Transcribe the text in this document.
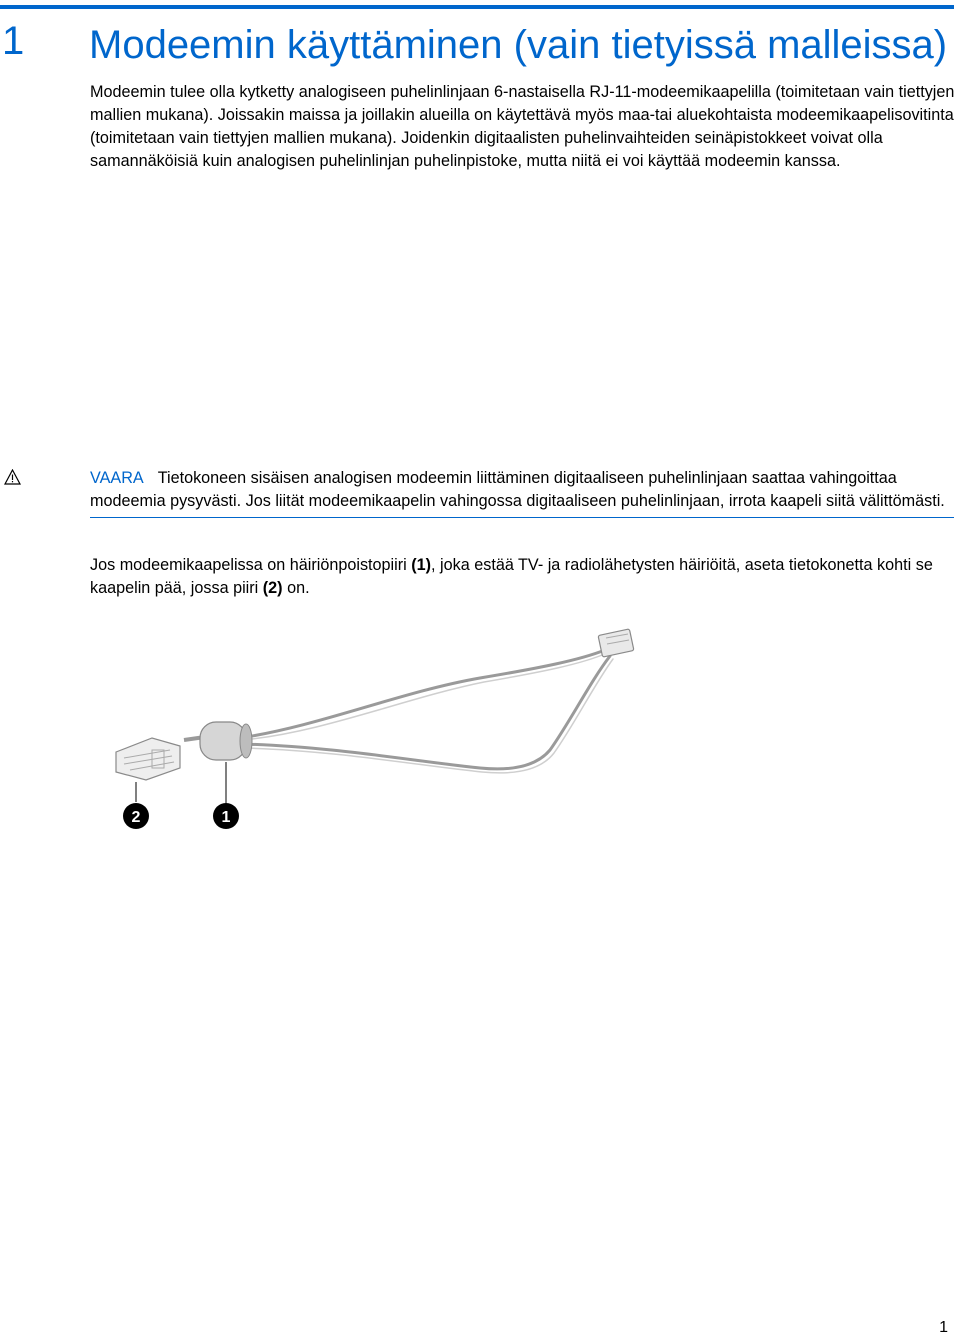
1 Modeemin käyttäminen (vain tietyissä malleissa)

Modeemin tulee olla kytketty analogiseen puhelinlinjaan 6-nastaisella RJ-11-modeemikaapelilla (toimitetaan vain tiettyjen mallien mukana). Joissakin maissa ja joillakin alueilla on käytettävä myös maa-tai aluekohtaista modeemikaapelisovitinta (toimitetaan vain tiettyjen mallien mukana). Joidenkin digitaalisten puhelinvaihteiden seinäpistokkeet voivat olla samannäköisiä kuin analogisen puhelinlinjan puhelinpistoke, mutta niitä ei voi käyttää modeemin kanssa.

VAARA Tietokoneen sisäisen analogisen modeemin liittäminen digitaaliseen puhelinlinjaan saattaa vahingoittaa modeemia pysyvästi. Jos liität modeemikaapelin vahingossa digitaaliseen puhelinlinjaan, irrota kaapeli siitä välittömästi.

Jos modeemikaapelissa on häiriönpoistopiiri (1), joka estää TV- ja radiolähetysten häiriöitä, aseta tietokonetta kohti se kaapelin pää, jossa piiri (2) on.

2	1
1
